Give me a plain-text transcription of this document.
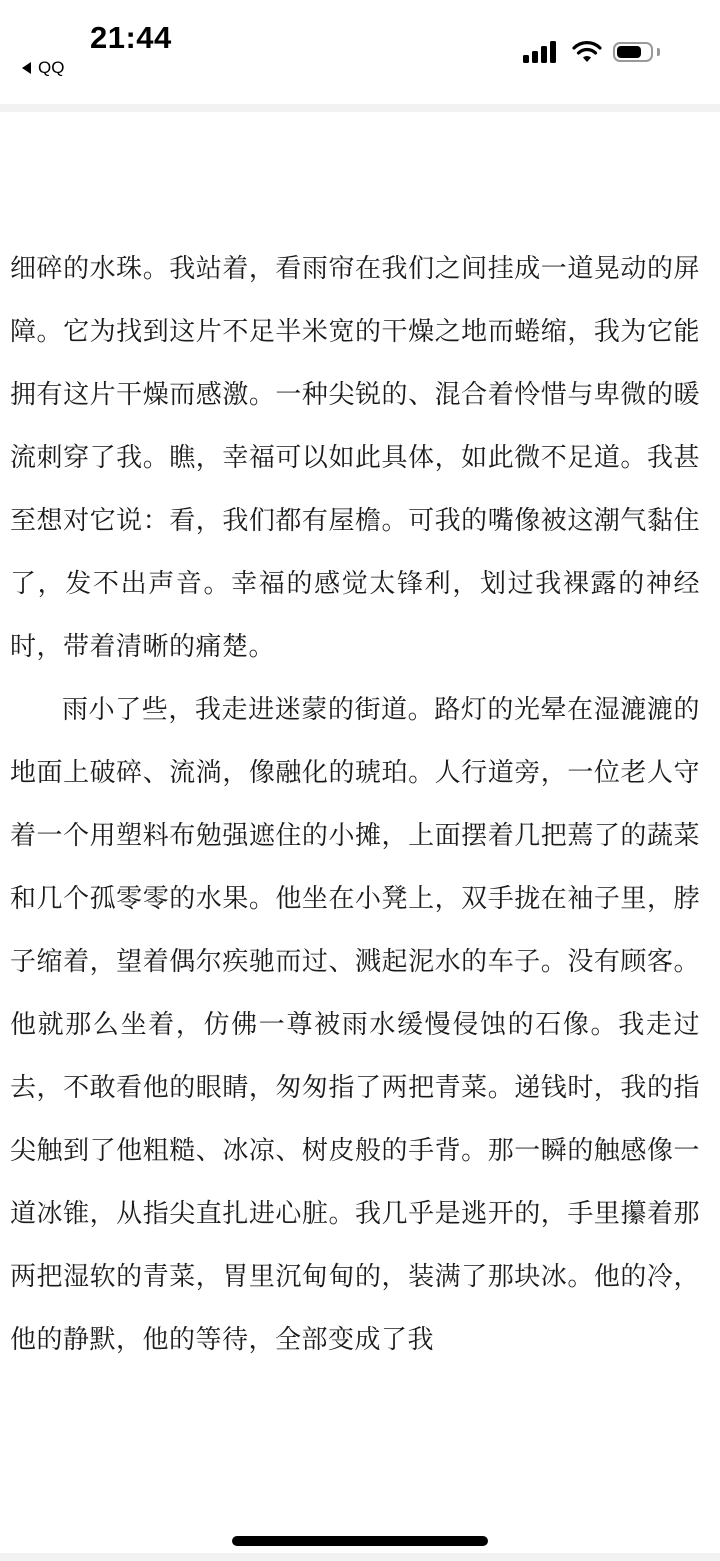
21:44
QQ

细碎的水珠。我站着，看雨帘在我们之间挂成一道晃动的屏障。它为找到这片不足半米宽的干燥之地而蜷缩，我为它能拥有这片干燥而感激。一种尖锐的、混合着怜惜与卑微的暖流刺穿了我。瞧，幸福可以如此具体，如此微不足道。我甚至想对它说：看，我们都有屋檐。可我的嘴像被这潮气黏住了，发不出声音。幸福的感觉太锋利，划过我裸露的神经时，带着清晰的痛楚。

雨小了些，我走进迷蒙的街道。路灯的光晕在湿漉漉的地面上破碎、流淌，像融化的琥珀。人行道旁，一位老人守着一个用塑料布勉强遮住的小摊，上面摆着几把蔫了的蔬菜和几个孤零零的水果。他坐在小凳上，双手拢在袖子里，脖子缩着，望着偶尔疾驰而过、溅起泥水的车子。没有顾客。他就那么坐着，仿佛一尊被雨水缓慢侵蚀的石像。我走过去，不敢看他的眼睛，匆匆指了两把青菜。递钱时，我的指尖触到了他粗糙、冰凉、树皮般的手背。那一瞬的触感像一道冰锥，从指尖直扎进心脏。我几乎是逃开的，手里攥着那两把湿软的青菜，胃里沉甸甸的，装满了那块冰。他的冷，他的静默，他的等待，全部变成了我
